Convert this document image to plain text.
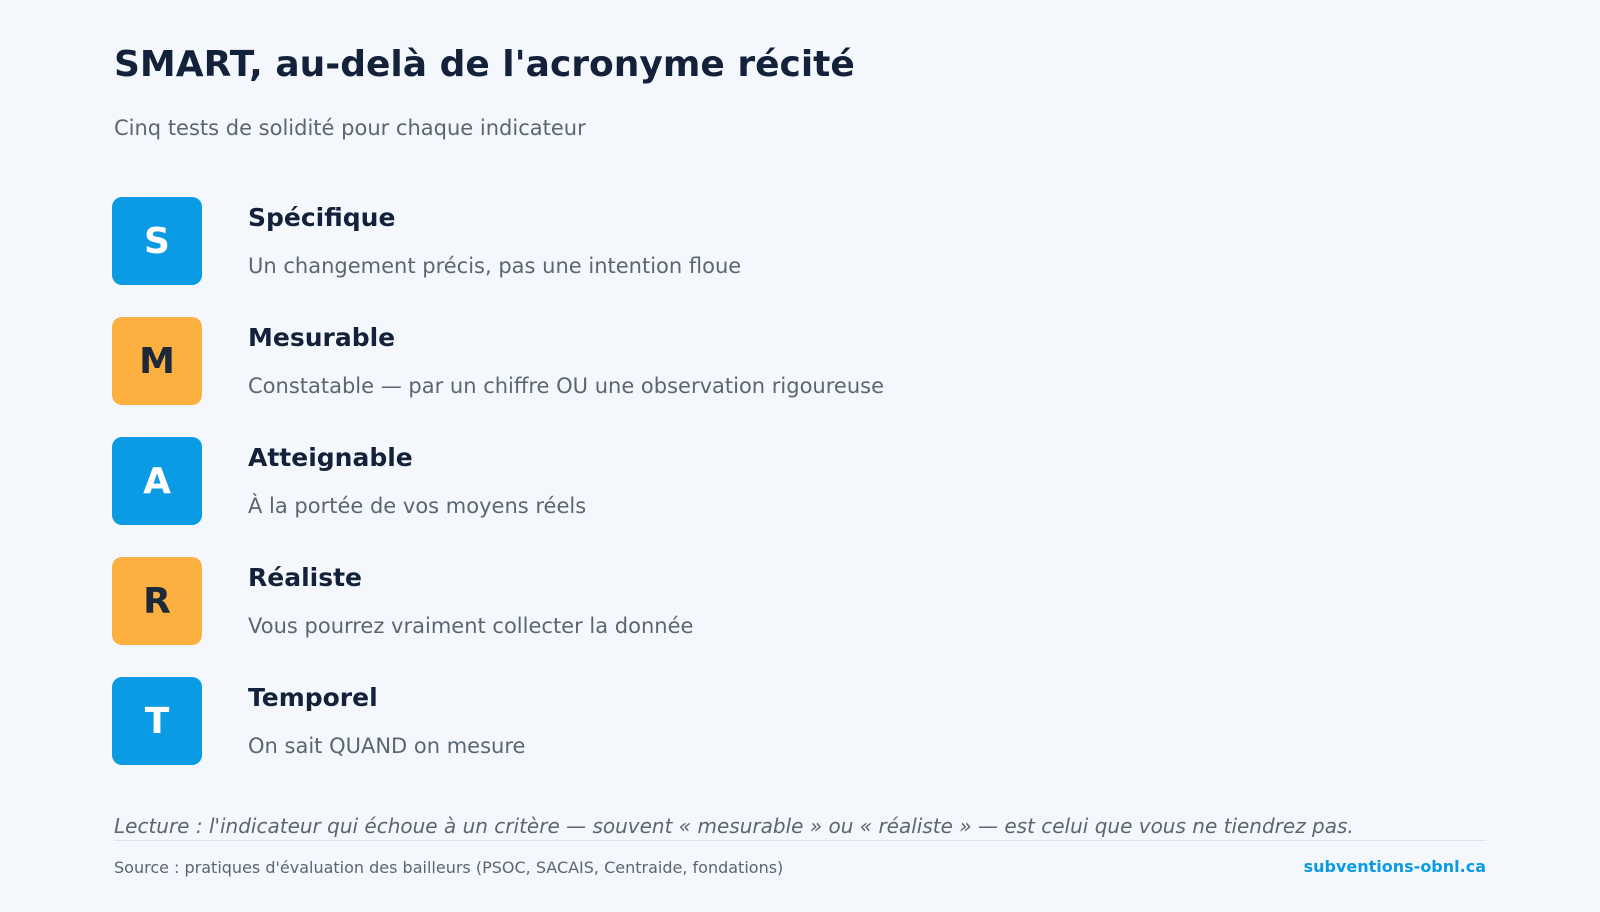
SMART, au-delà de l'acronyme récité
Cinq tests de solidité pour chaque indicateur
S
Spécifique
Un changement précis, pas une intention floue
M
Mesurable
Constatable — par un chiffre OU une observation rigoureuse
A
Atteignable
À la portée de vos moyens réels
R
Réaliste
Vous pourrez vraiment collecter la donnée
T
Temporel
On sait QUAND on mesure
Lecture : l'indicateur qui échoue à un critère — souvent « mesurable » ou « réaliste » — est celui que vous ne tiendrez pas.
Source : pratiques d'évaluation des bailleurs (PSOC, SACAIS, Centraide, fondations)	subventions-obnl.ca
